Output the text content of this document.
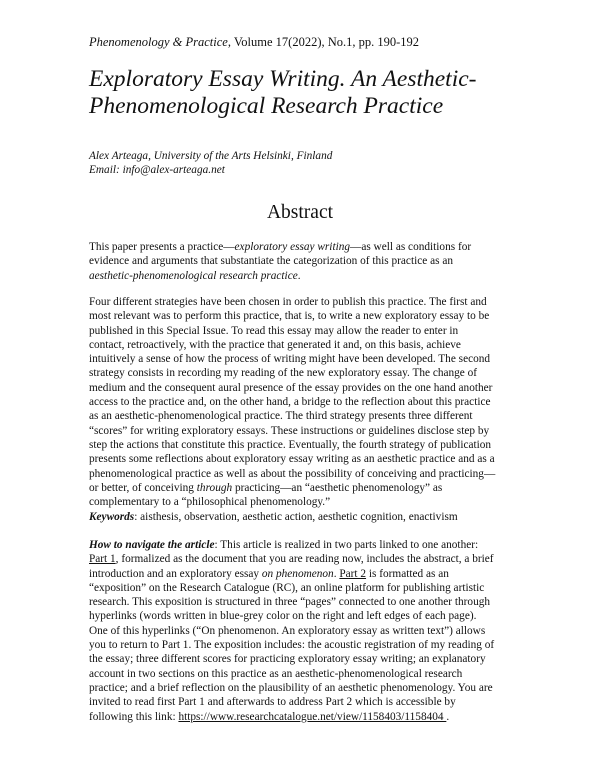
Phenomenology & Practice, Volume 17(2022), No.1, pp. 190-192
Exploratory Essay Writing. An Aesthetic-
Phenomenological Research Practice
Alex Arteaga, University of the Arts Helsinki, Finland
Email: info@alex-arteaga.net
Abstract

This paper presents a practice—exploratory essay writing—as well as conditions for
evidence and arguments that substantiate the categorization of this practice as an
aesthetic-phenomenological research practice.

Four different strategies have been chosen in order to publish this practice. The first and
most relevant was to perform this practice, that is, to write a new exploratory essay to be
published in this Special Issue. To read this essay may allow the reader to enter in
contact, retroactively, with the practice that generated it and, on this basis, achieve
intuitively a sense of how the process of writing might have been developed. The second
strategy consists in recording my reading of the new exploratory essay. The change of
medium and the consequent aural presence of the essay provides on the one hand another
access to the practice and, on the other hand, a bridge to the reflection about this practice
as an aesthetic-phenomenological practice. The third strategy presents three different
“scores” for writing exploratory essays. These instructions or guidelines disclose step by
step the actions that constitute this practice. Eventually, the fourth strategy of publication
presents some reflections about exploratory essay writing as an aesthetic practice and as a
phenomenological practice as well as about the possibility of conceiving and practicing—
or better, of conceiving through practicing—an “aesthetic phenomenology” as
complementary to a “philosophical phenomenology.”

Keywords: aisthesis, observation, aesthetic action, aesthetic cognition, enactivism

How to navigate the article: This article is realized in two parts linked to one another:
Part 1, formalized as the document that you are reading now, includes the abstract, a brief
introduction and an exploratory essay on phenomenon. Part 2 is formatted as an
“exposition” on the Research Catalogue (RC), an online platform for publishing artistic
research. This exposition is structured in three “pages” connected to one another through
hyperlinks (words written in blue-grey color on the right and left edges of each page).
One of this hyperlinks (“On phenomenon. An exploratory essay as written text”) allows
you to return to Part 1. The exposition includes: the acoustic registration of my reading of
the essay; three different scores for practicing exploratory essay writing; an explanatory
account in two sections on this practice as an aesthetic-phenomenological research
practice; and a brief reflection on the plausibility of an aesthetic phenomenology. You are
invited to read first Part 1 and afterwards to address Part 2 which is accessible by
following this link: https://www.researchcatalogue.net/view/1158403/1158404 .
